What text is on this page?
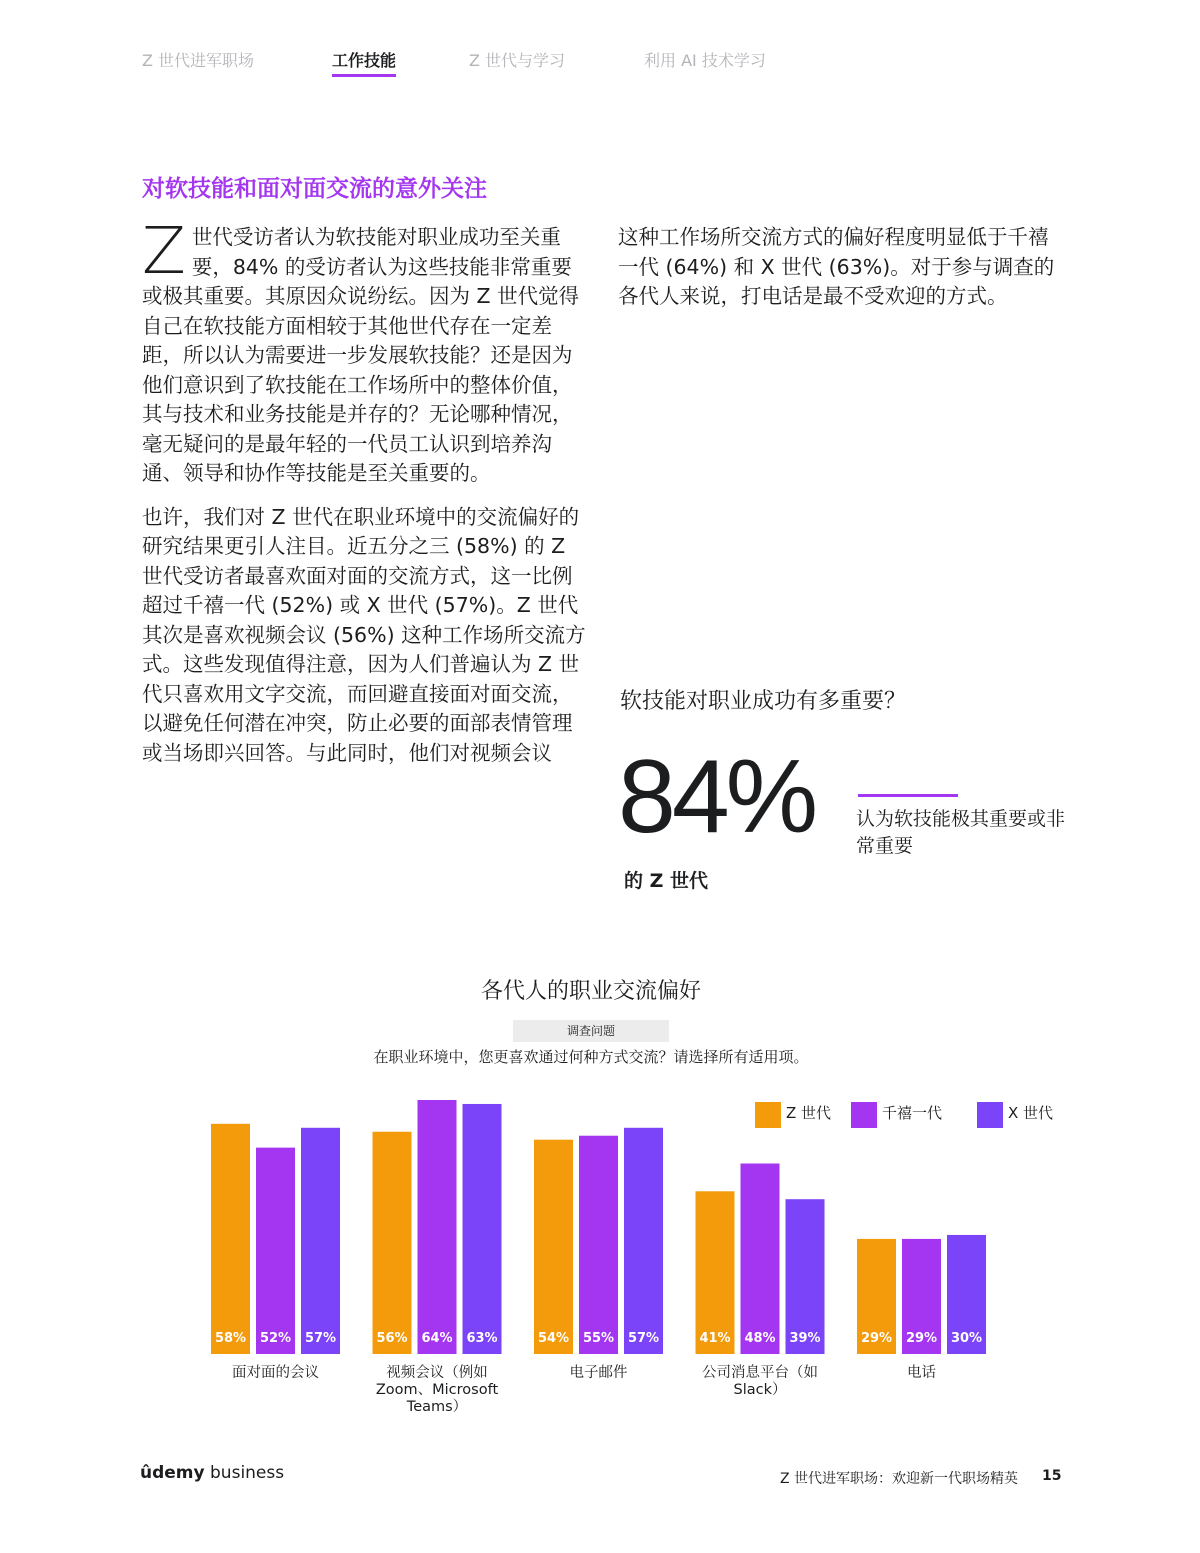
Z 世代进军职场	工作技能	Z 世代与学习	利用 AI 技术学习
对软技能和面对面交流的意外关注

Z世代受访者认为软技能对职业成功至关重要，84% 的受访者认为这些技能非常重要或极其重要。其原因众说纷纭。因为 Z 世代觉得自己在软技能方面相较于其他世代存在一定差距，所以认为需要进一步发展软技能？还是因为他们意识到了软技能在工作场所中的整体价值，其与技术和业务技能是并存的？无论哪种情况，毫无疑问的是最年轻的一代员工认识到培养沟通、领导和协作等技能是至关重要的。

也许，我们对 Z 世代在职业环境中的交流偏好的研究结果更引人注目。近五分之三 (58%) 的 Z 世代受访者最喜欢面对面的交流方式，这一比例超过千禧一代 (52%) 或 X 世代 (57%)。Z 世代其次是喜欢视频会议 (56%) 这种工作场所交流方式。这些发现值得注意，因为人们普遍认为 Z 世代只喜欢用文字交流，而回避直接面对面交流，以避免任何潜在冲突，防止必要的面部表情管理或当场即兴回答。与此同时，他们对视频会议

这种工作场所交流方式的偏好程度明显低于千禧一代 (64%) 和 X 世代 (63%)。对于参与调查的各代人来说，打电话是最不受欢迎的方式。

软技能对职业成功有多重要？
84% 认为软技能极其重要或非常重要
的 Z 世代
各代人的职业交流偏好
调查问题
在职业环境中，您更喜欢通过何种方式交流？请选择所有适用项。
Z 世代	千禧一代	X 世代
58% 52% 57%
面对面的会议
56% 64% 63%
视频会议（例如
Zoom、Microsoft
Teams）
54% 55% 57%
电子邮件
41% 48% 39%
公司消息平台（如
Slack）
29% 29% 30%
电话
ûdemy business	Z 世代进军职场：欢迎新一代职场精英 15
